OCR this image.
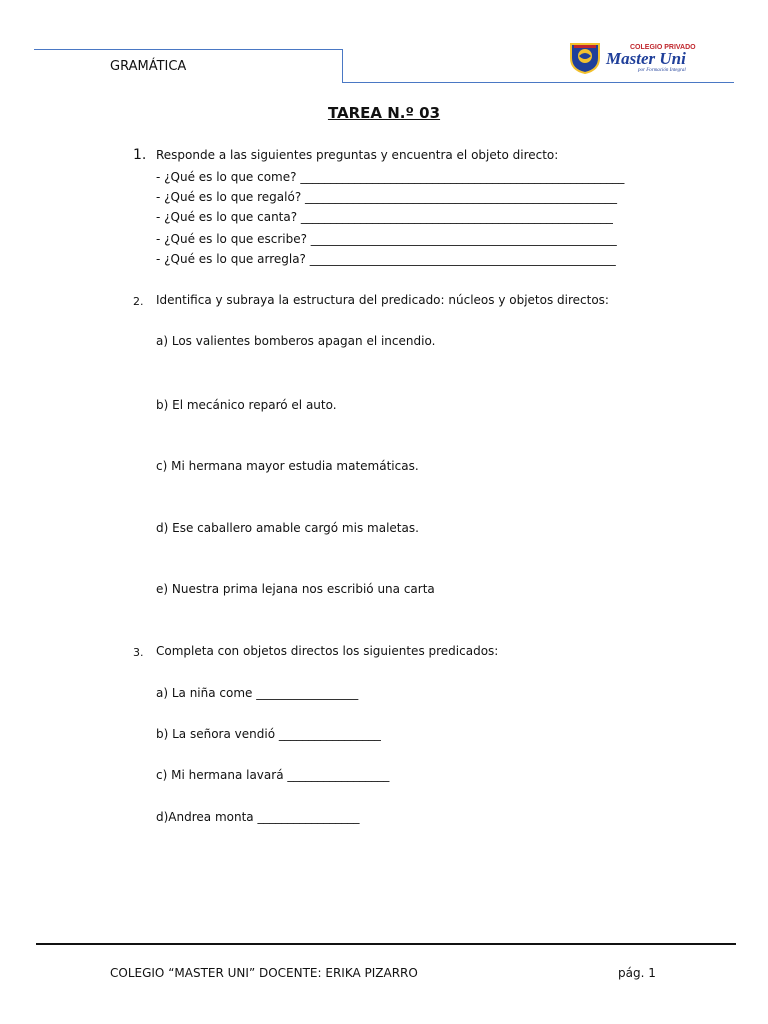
GRAMÁTICA
COLEGIO PRIVADO
Master Uni
por Formación Integral
TAREA N.º 03
1. Responde a las siguientes preguntas y encuentra el objeto directo:
- ¿Qué es lo que come? ______________________________________________________
- ¿Qué es lo que regaló? ____________________________________________________
- ¿Qué es lo que canta? ____________________________________________________
- ¿Qué es lo que escribe? ___________________________________________________
- ¿Qué es lo que arregla? ___________________________________________________
2. Identifica y subraya la estructura del predicado: núcleos y objetos directos:
a) Los valientes bomberos apagan el incendio.
b) El mecánico reparó el auto.
c) Mi hermana mayor estudia matemáticas.
d) Ese caballero amable cargó mis maletas.
e) Nuestra prima lejana nos escribió una carta
3. Completa con objetos directos los siguientes predicados:
a) La niña come _________________
b) La señora vendió _________________
c) Mi hermana lavará _________________
d)Andrea monta _________________
COLEGIO “MASTER UNI” DOCENTE: ERIKA PIZARRO	pág. 1
